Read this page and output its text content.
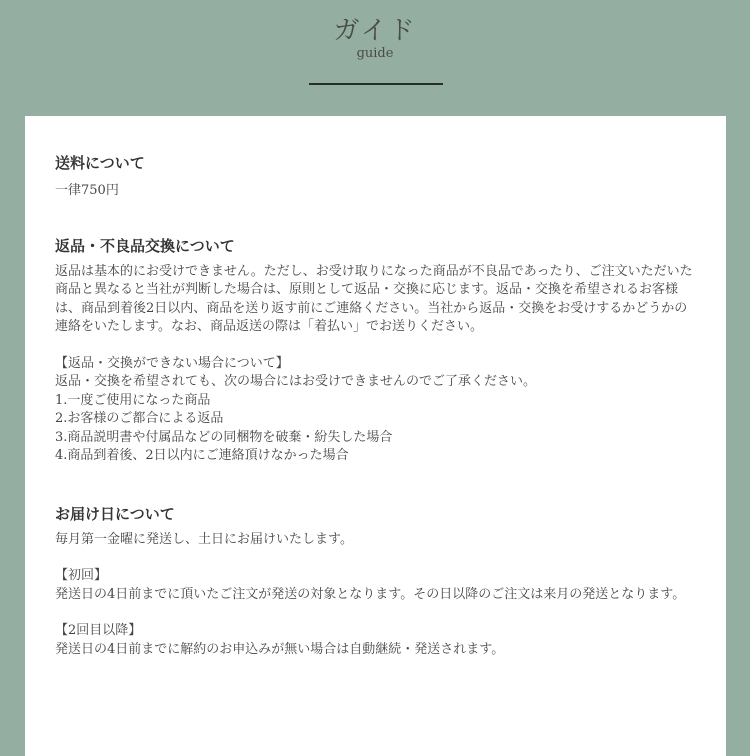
ガイド
guide
送料について

一律750円

返品・不良品交換について

返品は基本的にお受けできません。ただし、お受け取りになった商品が不良品であったり、ご注文いただいた商品と異なると当社が判断した場合は、原則として返品・交換に応じます。返品・交換を希望されるお客様は、商品到着後2日以内、商品を送り返す前にご連絡ください。当社から返品・交換をお受けするかどうかの連絡をいたします。なお、商品返送の際は「着払い」でお送りください。

【返品・交換ができない場合について】
返品・交換を希望されても、次の場合にはお受けできませんのでご了承ください。
1.一度ご使用になった商品
2.お客様のご都合による返品
3.商品説明書や付属品などの同梱物を破棄・紛失した場合
4.商品到着後、2日以内にご連絡頂けなかった場合

お届け日について

毎月第一金曜に発送し、土日にお届けいたします。

【初回】
発送日の4日前までに頂いたご注文が発送の対象となります。その日以降のご注文は来月の発送となります。

【2回目以降】
発送日の4日前までに解約のお申込みが無い場合は自動継続・発送されます。
